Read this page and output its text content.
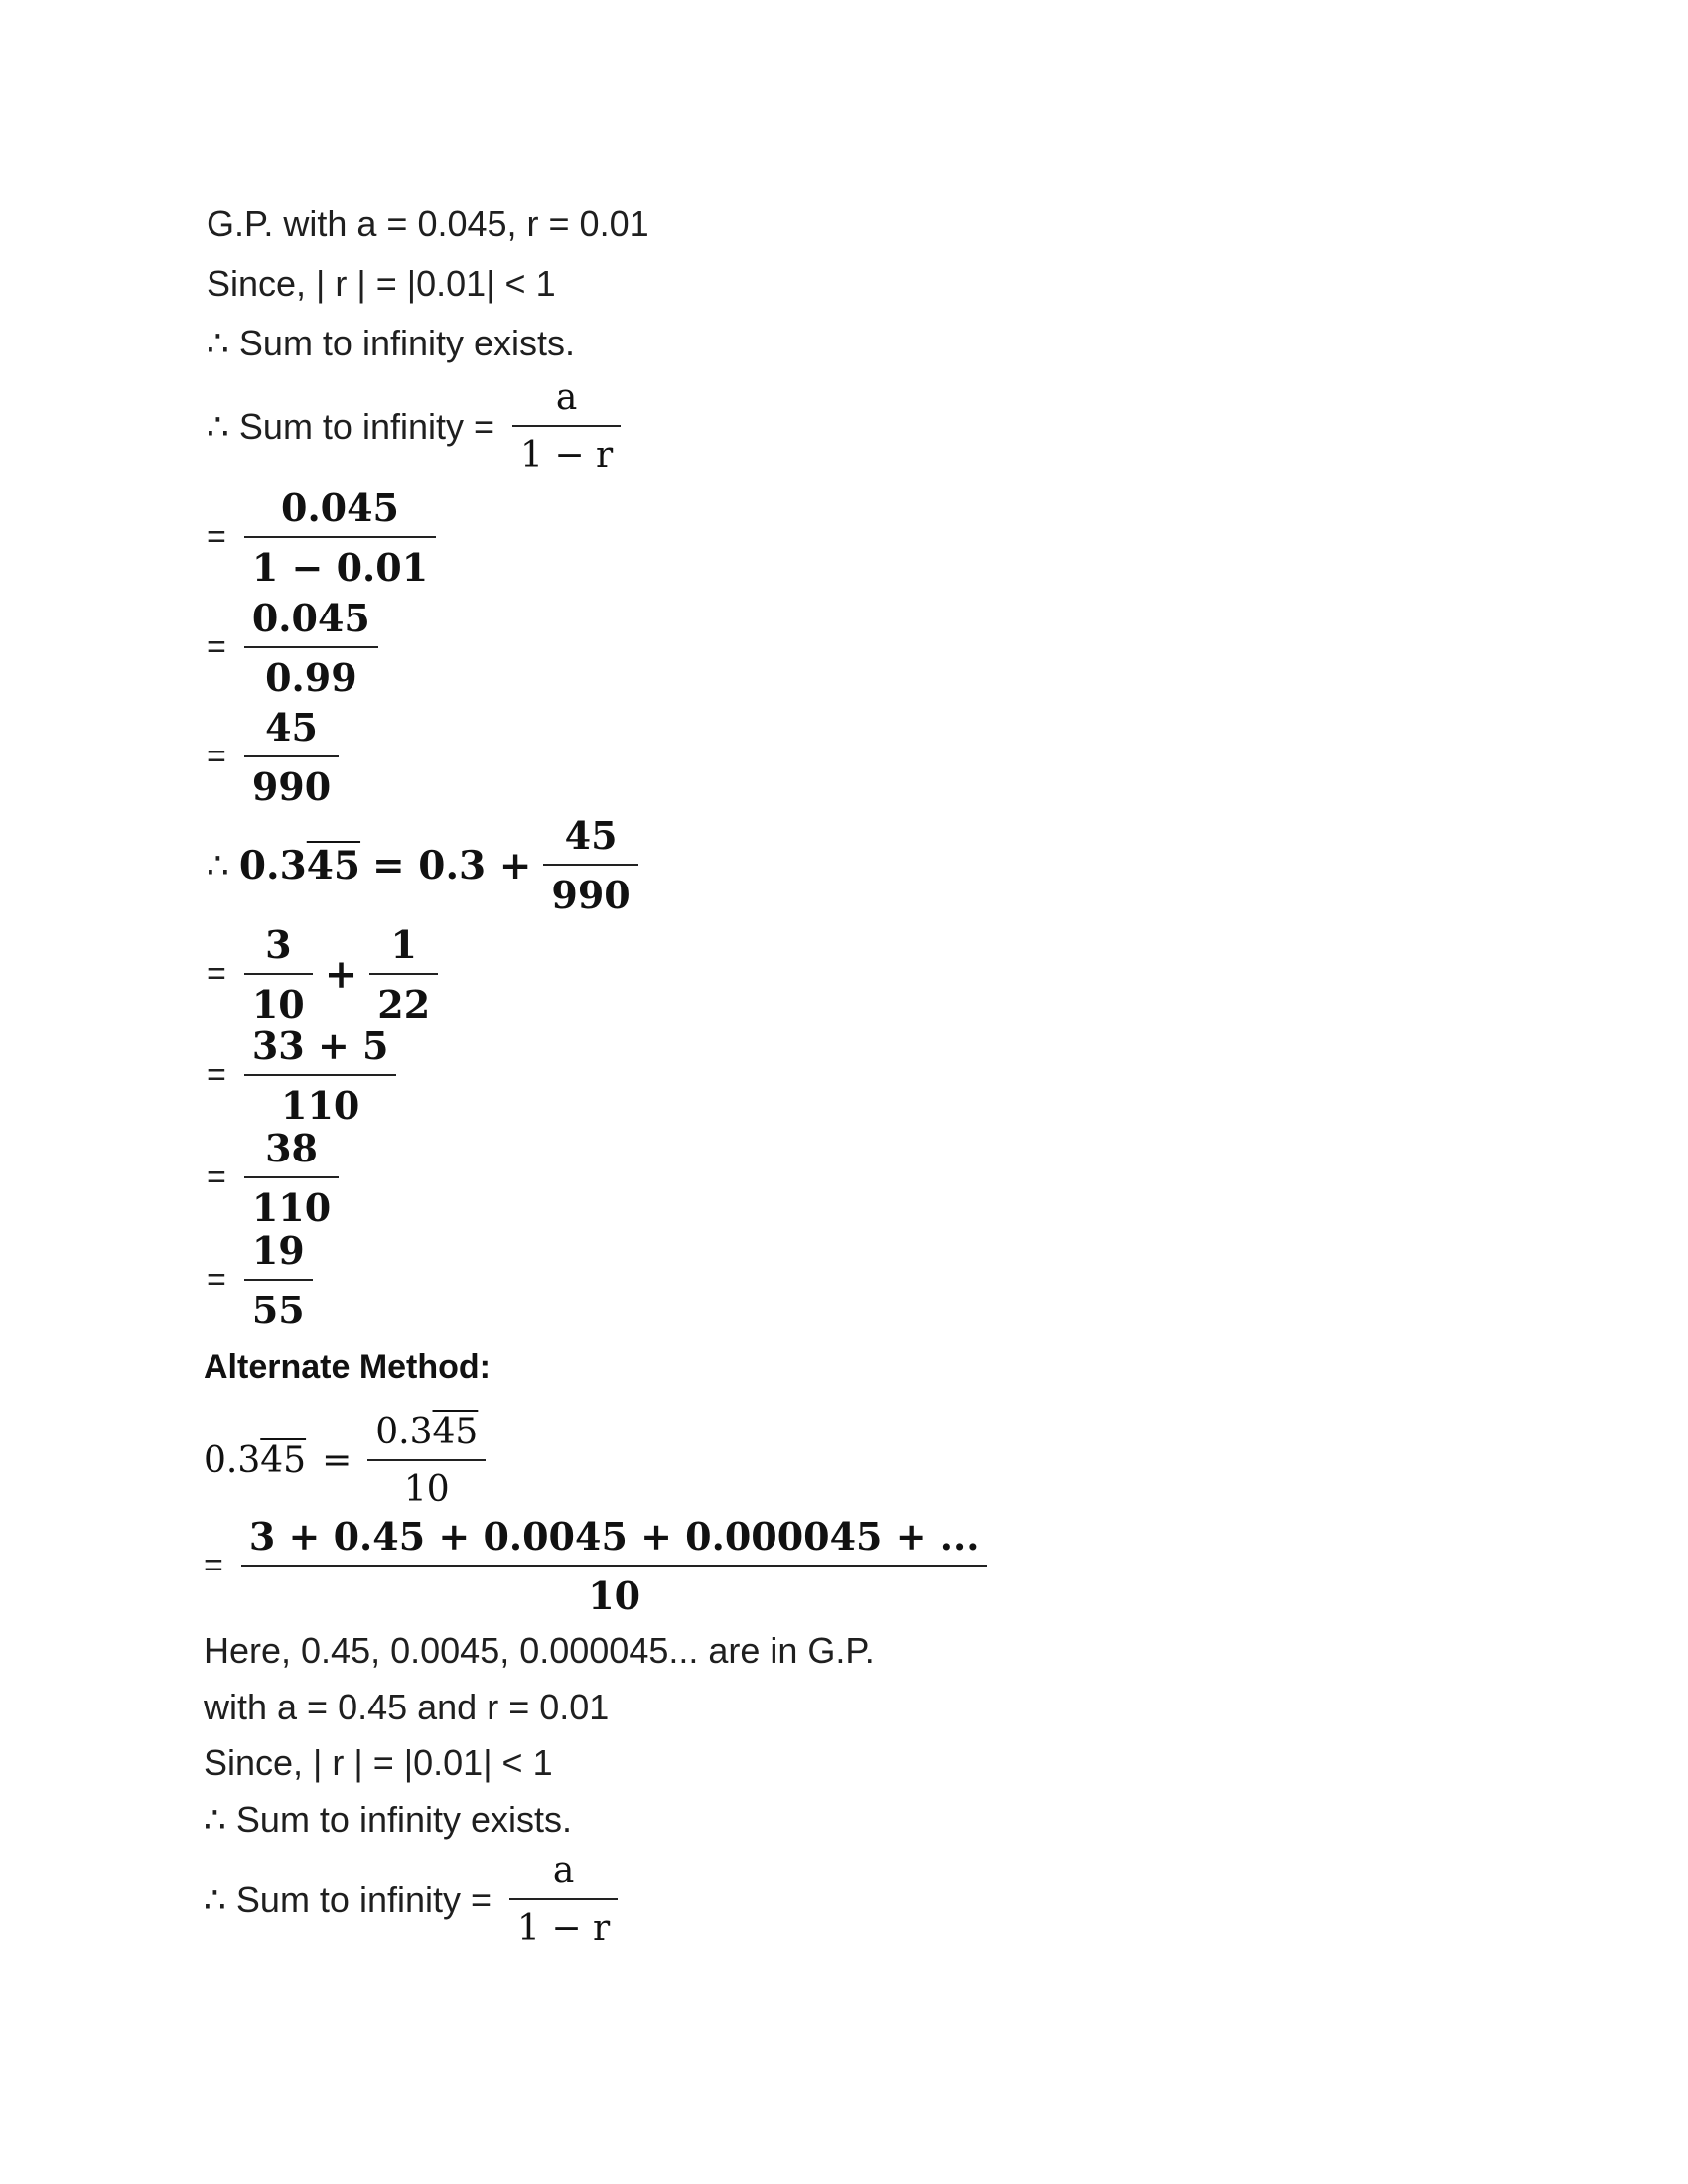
G.P. with a = 0.045, r = 0.01
Since, | r | = |0.01| < 1
∴ Sum to infinity exists.
∴ Sum to infinity = $\frac{a}{1 - r}$
= $\frac{0.045}{1 - 0.01}$
= $\frac{0.045}{0.99}$
= $\frac{45}{990}$
∴ $0.345 = 0.3 + \frac{45}{990}$
= $\frac{3}{10} + \frac{1}{22}$
= $\frac{33 + 5}{110}$
= $\frac{38}{110}$
= $\frac{19}{55}$
Alternate Method:
$0.345 = \frac{0.345}{10}$
= $\frac{3 + 0.45 + 0.0045 + 0.000045 + ...}{10}$
Here, 0.45, 0.0045, 0.000045... are in G.P.
with a = 0.45 and r = 0.01
Since, | r | = |0.01| < 1
∴ Sum to infinity exists.
∴ Sum to infinity = $\frac{a}{1 - r}$
